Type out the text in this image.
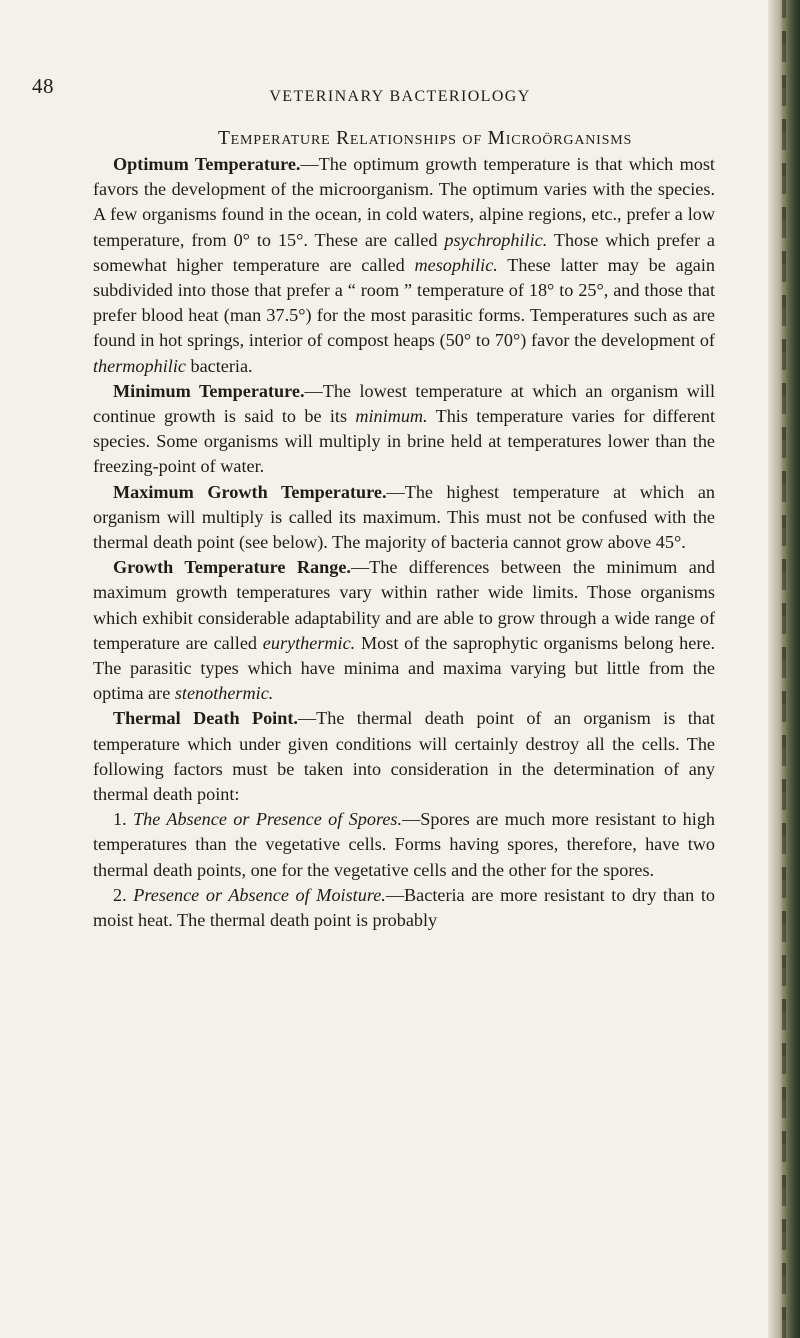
48	VETERINARY BACTERIOLOGY
Temperature Relationships of Microörganisms

Optimum Temperature.—The optimum growth temperature is that which most favors the development of the microorganism. The optimum varies with the species. A few organisms found in the ocean, in cold waters, alpine regions, etc., prefer a low temperature, from 0° to 15°. These are called psychrophilic. Those which prefer a somewhat higher temperature are called mesophilic. These latter may be again subdivided into those that prefer a “ room ” temperature of 18° to 25°, and those that prefer blood heat (man 37.5°) for the most parasitic forms. Temperatures such as are found in hot springs, interior of compost heaps (50° to 70°) favor the development of thermophilic bacteria.

Minimum Temperature.—The lowest temperature at which an organism will continue growth is said to be its minimum. This temperature varies for different species. Some organisms will multiply in brine held at temperatures lower than the freezing-point of water.

Maximum Growth Temperature.—The highest temperature at which an organism will multiply is called its maximum. This must not be confused with the thermal death point (see below). The majority of bacteria cannot grow above 45°.

Growth Temperature Range.—The differences between the minimum and maximum growth temperatures vary within rather wide limits. Those organisms which exhibit considerable adaptability and are able to grow through a wide range of temperature are called eurythermic. Most of the saprophytic organisms belong here. The parasitic types which have minima and maxima varying but little from the optima are stenothermic.

Thermal Death Point.—The thermal death point of an organism is that temperature which under given conditions will certainly destroy all the cells. The following factors must be taken into consideration in the determination of any thermal death point:

1. The Absence or Presence of Spores.—Spores are much more resistant to high temperatures than the vegetative cells. Forms having spores, therefore, have two thermal death points, one for the vegetative cells and the other for the spores.

2. Presence or Absence of Moisture.—Bacteria are more resistant to dry than to moist heat. The thermal death point is probably
